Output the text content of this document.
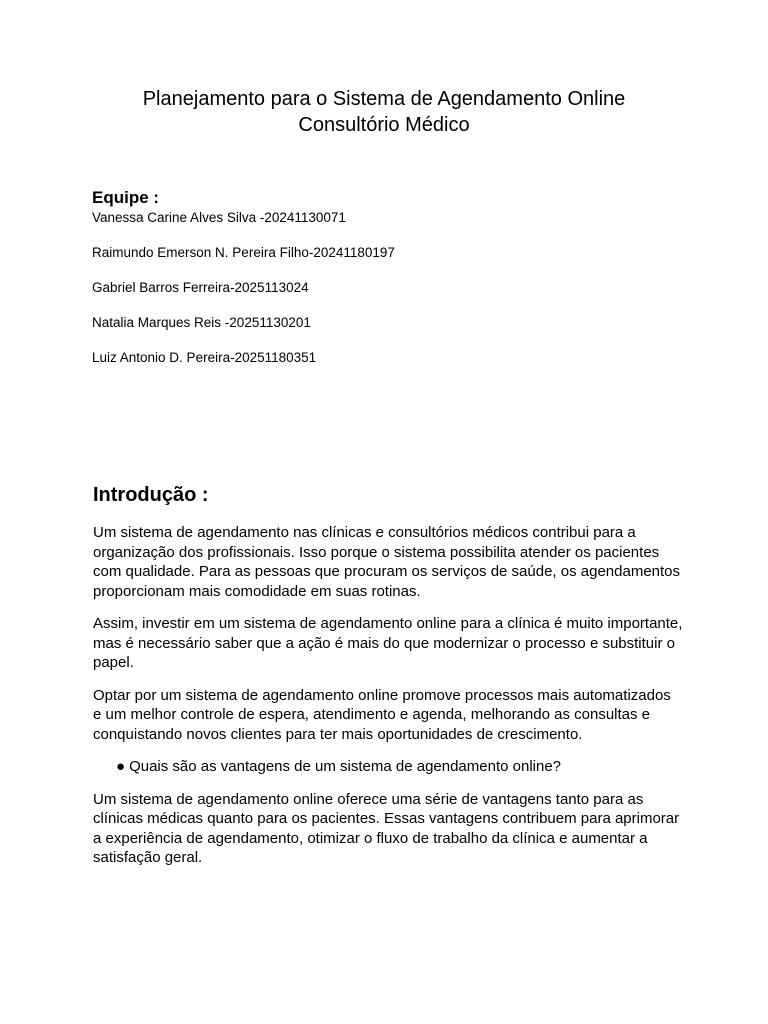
Planejamento para o Sistema de Agendamento Online
Consultório Médico
Equipe :
Vanessa Carine Alves Silva -20241130071
Raimundo Emerson N. Pereira Filho-20241180197
Gabriel Barros Ferreira-2025113024
Natalia Marques Reis -20251130201
Luiz Antonio D. Pereira-20251180351
Introdução :

Um sistema de agendamento nas clínicas e consultórios médicos contribui para a organização dos profissionais. Isso porque o sistema possibilita atender os pacientes com qualidade. Para as pessoas que procuram os serviços de saúde, os agendamentos proporcionam mais comodidade em suas rotinas.

Assim, investir em um sistema de agendamento online para a clínica é muito importante, mas é necessário saber que a ação é mais do que modernizar o processo e substituir o papel.

Optar por um sistema de agendamento online promove processos mais automatizados e um melhor controle de espera, atendimento e agenda, melhorando as consultas e conquistando novos clientes para ter mais oportunidades de crescimento.

● Quais são as vantagens de um sistema de agendamento online?

Um sistema de agendamento online oferece uma série de vantagens tanto para as clínicas médicas quanto para os pacientes. Essas vantagens contribuem para aprimorar a experiência de agendamento, otimizar o fluxo de trabalho da clínica e aumentar a satisfação geral.
